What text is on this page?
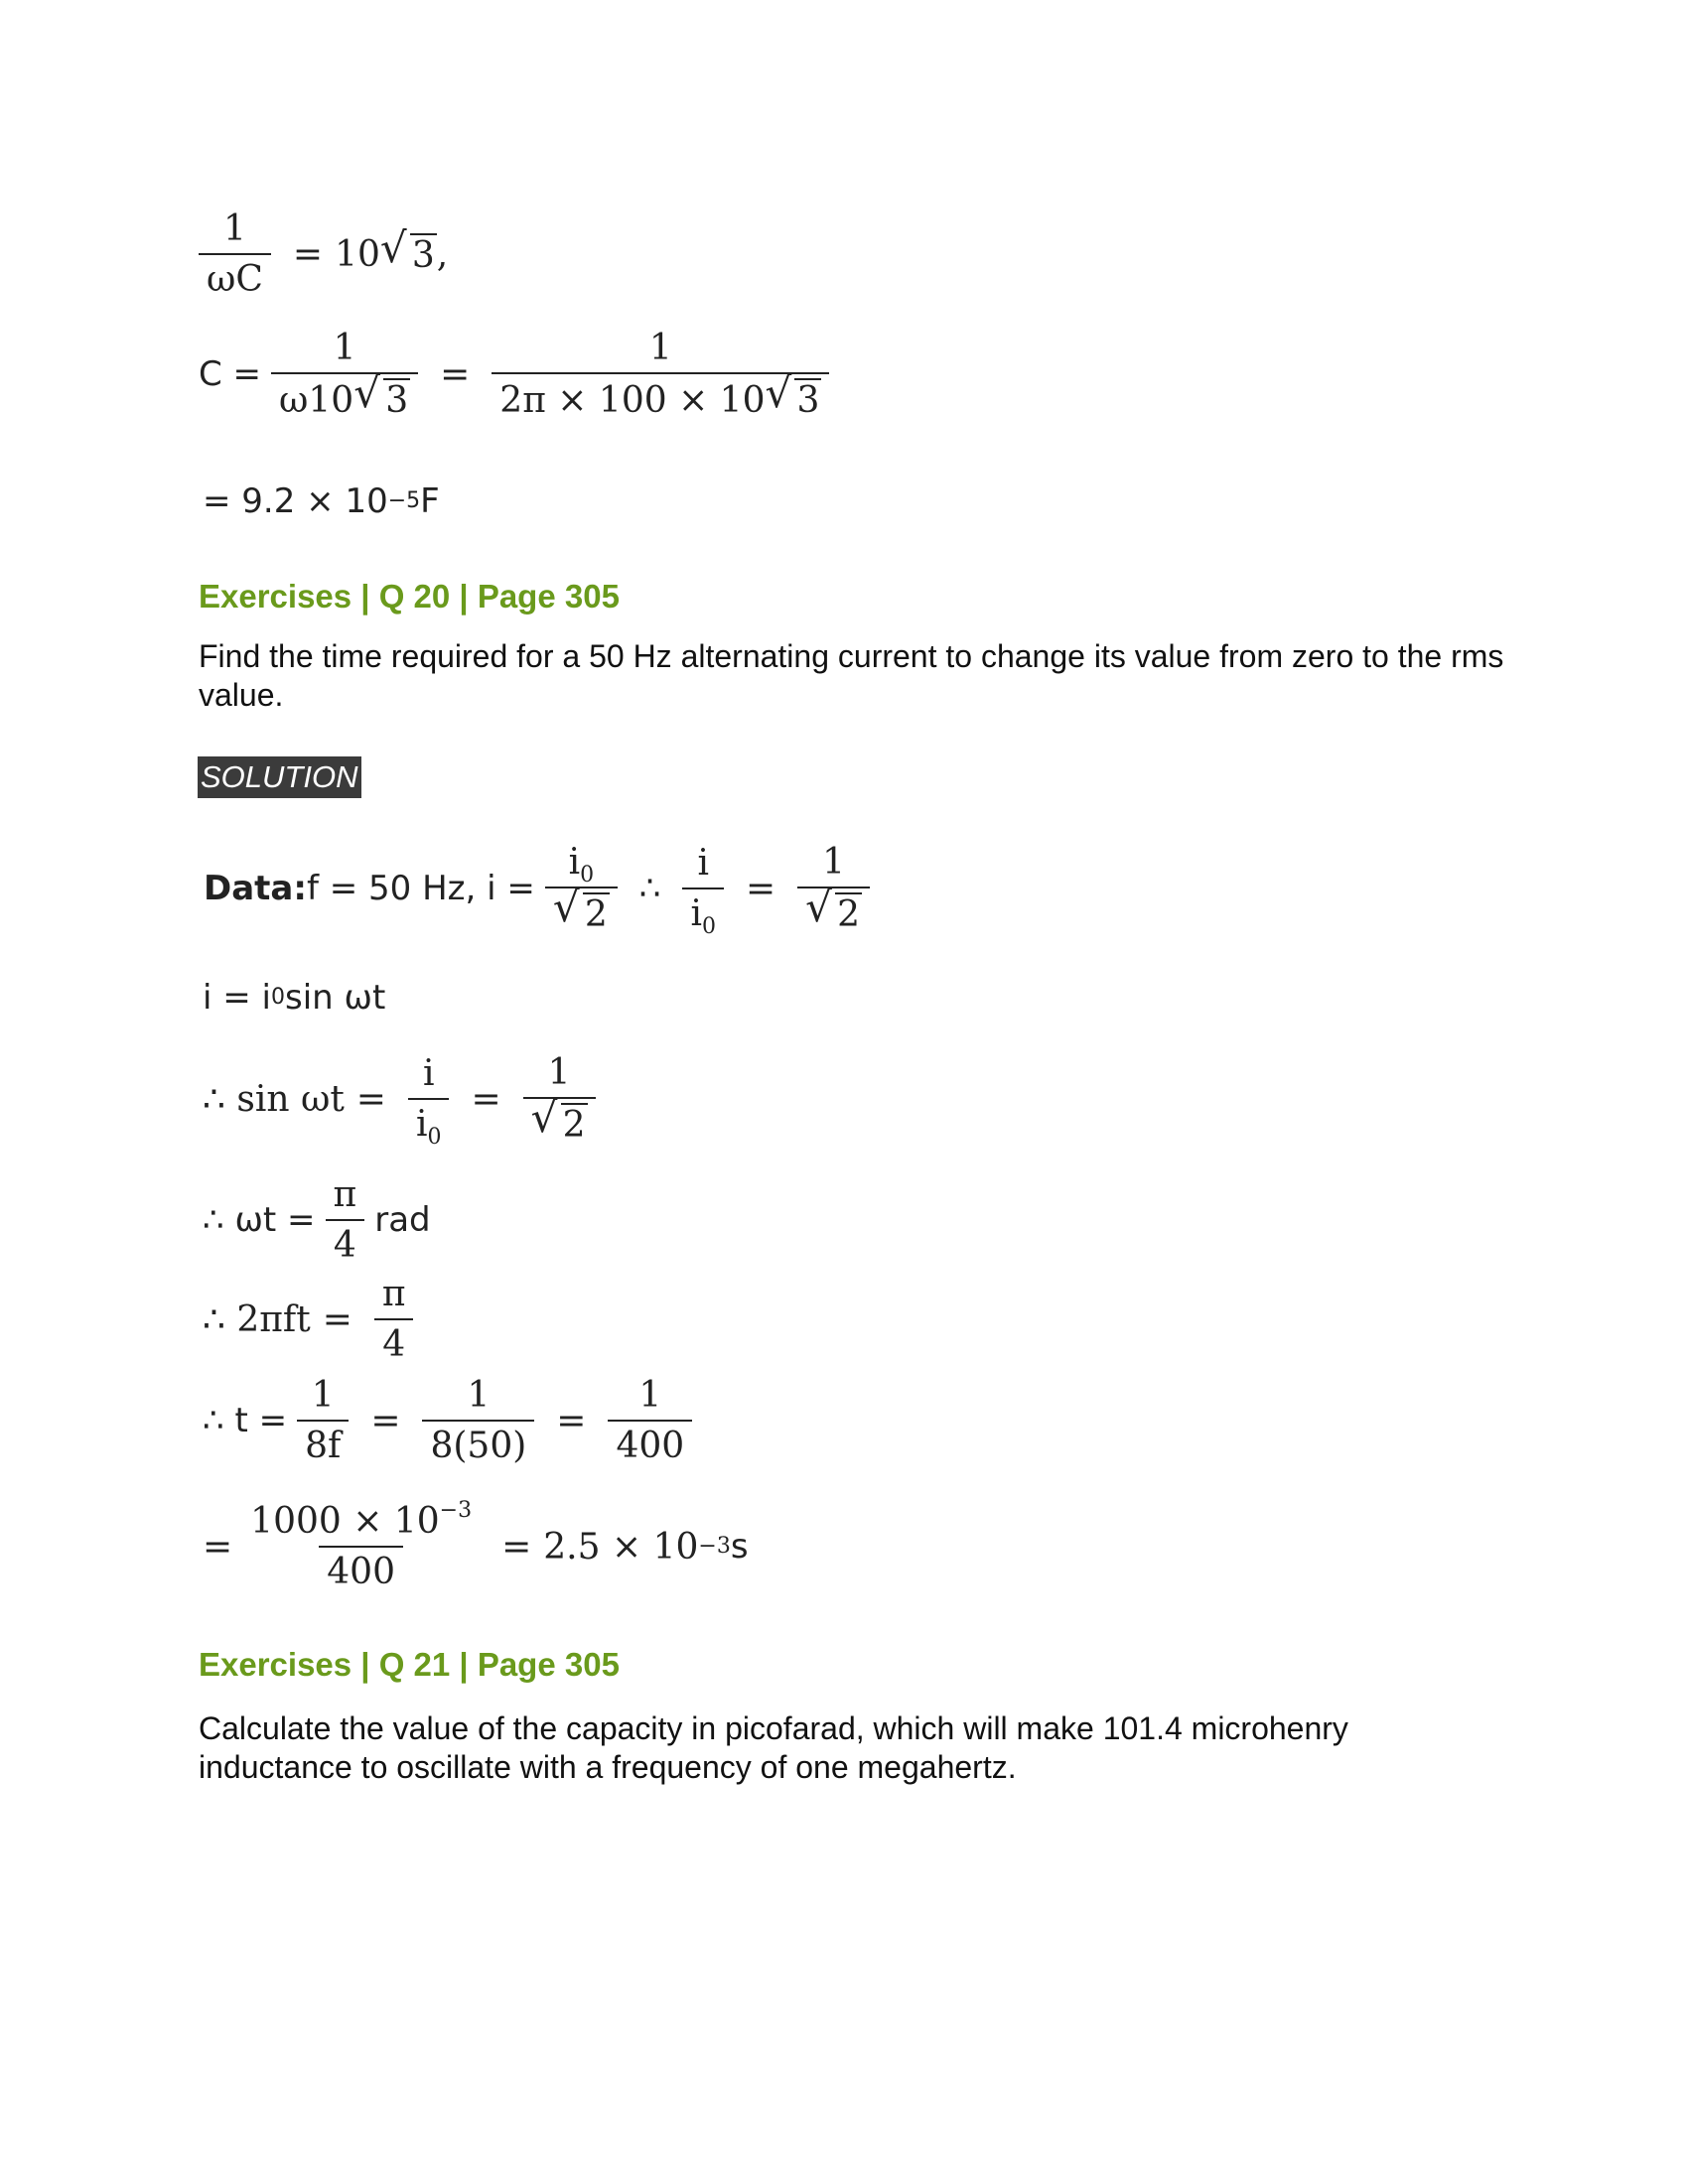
$\frac{1}{\omega C} = 10$ √ 3 ,
$C = \frac{1}{\omega 10 √ 3} = \frac{1}{2\pi \times 100 \times 10 √ 3}$
= 9.2 × 10 −5 F
Exercises | Q 20 | Page 305
Find the time required for a 50 Hz alternating current to change its value from zero to the rms value.
SOLUTION
Data: f = 50 Hz, $i = i_0$
√ 2 ∴ $\frac{i}{i_0} = 1$
√ 2
i = i 0 sin ωt
∴ $\sin \omega t = \frac{i}{i_0} = 1$
√ 2
∴ $\omega t = \frac{\pi}{4}$ rad
∴ $2\pi ft = \frac{\pi}{4}$
∴ $t = \frac{1}{8f} = \frac{1}{8(50)} = \frac{1}{400}$
= $\frac{1000 \times 10^{-3}}{400} = 2.5 \times 10 -3$ s
Exercises | Q 21 | Page 305
Calculate the value of the capacity in picofarad, which will make 101.4 microhenry inductance to oscillate with a frequency of one megahertz.
